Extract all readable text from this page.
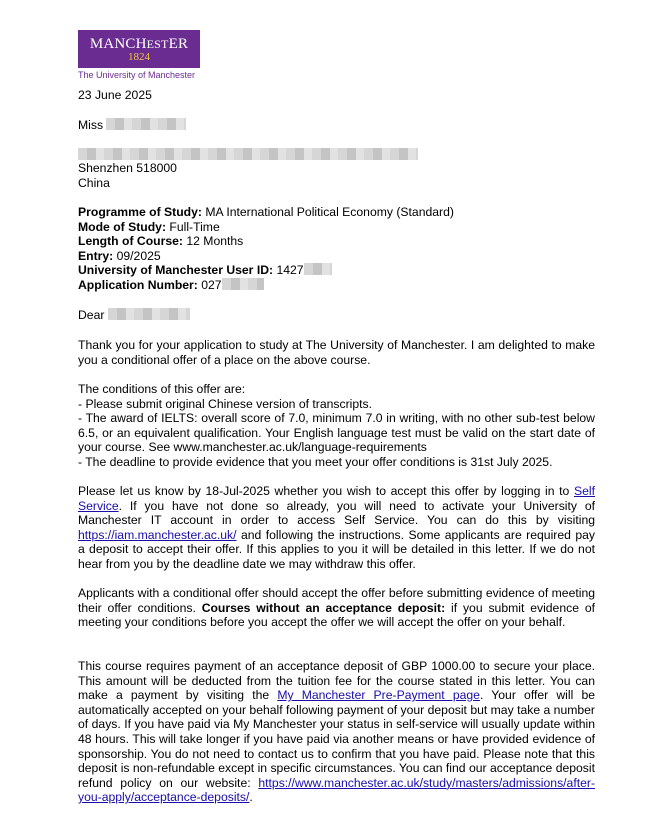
MANCHESTER
1824
The University of Manchester
23 June 2025
Miss
Shenzhen 518000
China
Programme of Study: MA International Political Economy (Standard)
Mode of Study: Full-Time
Length of Course: 12 Months
Entry: 09/2025
University of Manchester User ID: 1427
Application Number: 027
Dear
Thank you for your application to study at The University of Manchester. I am delighted to make you a conditional offer of a place on the above course.
The conditions of this offer are:
- Please submit original Chinese version of transcripts.
- The award of IELTS: overall score of 7.0, minimum 7.0 in writing, with no other sub-test below 6.5, or an equivalent qualification. Your English language test must be valid on the start date of your course. See www.manchester.ac.uk/language-requirements
- The deadline to provide evidence that you meet your offer conditions is 31st July 2025.
Please let us know by 18-Jul-2025 whether you wish to accept this offer by logging in to Self Service. If you have not done so already, you will need to activate your University of Manchester IT account in order to access Self Service. You can do this by visiting https://iam.manchester.ac.uk/ and following the instructions. Some applicants are required pay a deposit to accept their offer. If this applies to you it will be detailed in this letter. If we do not hear from you by the deadline date we may withdraw this offer.
Applicants with a conditional offer should accept the offer before submitting evidence of meeting their offer conditions. Courses without an acceptance deposit: if you submit evidence of meeting your conditions before you accept the offer we will accept the offer on your behalf.
This course requires payment of an acceptance deposit of GBP 1000.00 to secure your place. This amount will be deducted from the tuition fee for the course stated in this letter. You can make a payment by visiting the My Manchester Pre-Payment page. Your offer will be automatically accepted on your behalf following payment of your deposit but may take a number of days. If you have paid via My Manchester your status in self-service will usually update within 48 hours. This will take longer if you have paid via another means or have provided evidence of sponsorship. You do not need to contact us to confirm that you have paid. Please note that this deposit is non-refundable except in specific circumstances. You can find our acceptance deposit refund policy on our website: https://www.manchester.ac.uk/study/masters/admissions/after-you-apply/acceptance-deposits/.
